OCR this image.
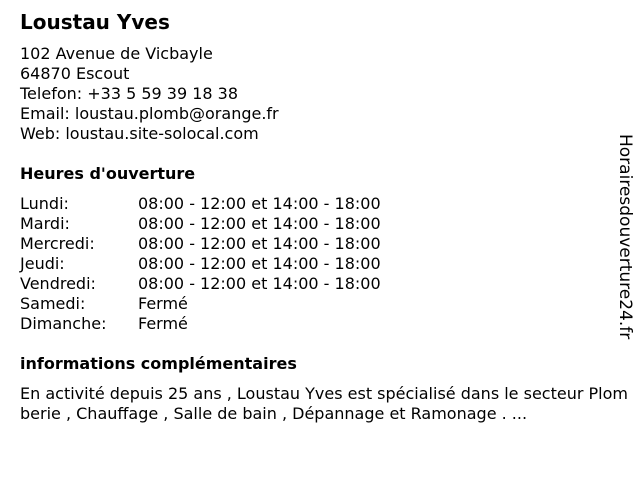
Loustau Yves
102 Avenue de Vicbayle
64870 Escout
Telefon: +33 5 59 39 18 38
Email: loustau.plomb@orange.fr
Web: loustau.site-solocal.com
Heures d'ouverture
Lundi:	08:00 - 12:00 et 14:00 - 18:00
Mardi:	08:00 - 12:00 et 14:00 - 18:00
Mercredi:	08:00 - 12:00 et 14:00 - 18:00
Jeudi:	08:00 - 12:00 et 14:00 - 18:00
Vendredi:	08:00 - 12:00 et 14:00 - 18:00
Samedi:	Fermé
Dimanche:	Fermé
informations complémentaires

En activité depuis 25 ans , Loustau Yves est spécialisé dans le secteur Plomberie , Chauffage , Salle de bain , Dépannage et Ramonage . ...

Horairesdouverture24.fr
